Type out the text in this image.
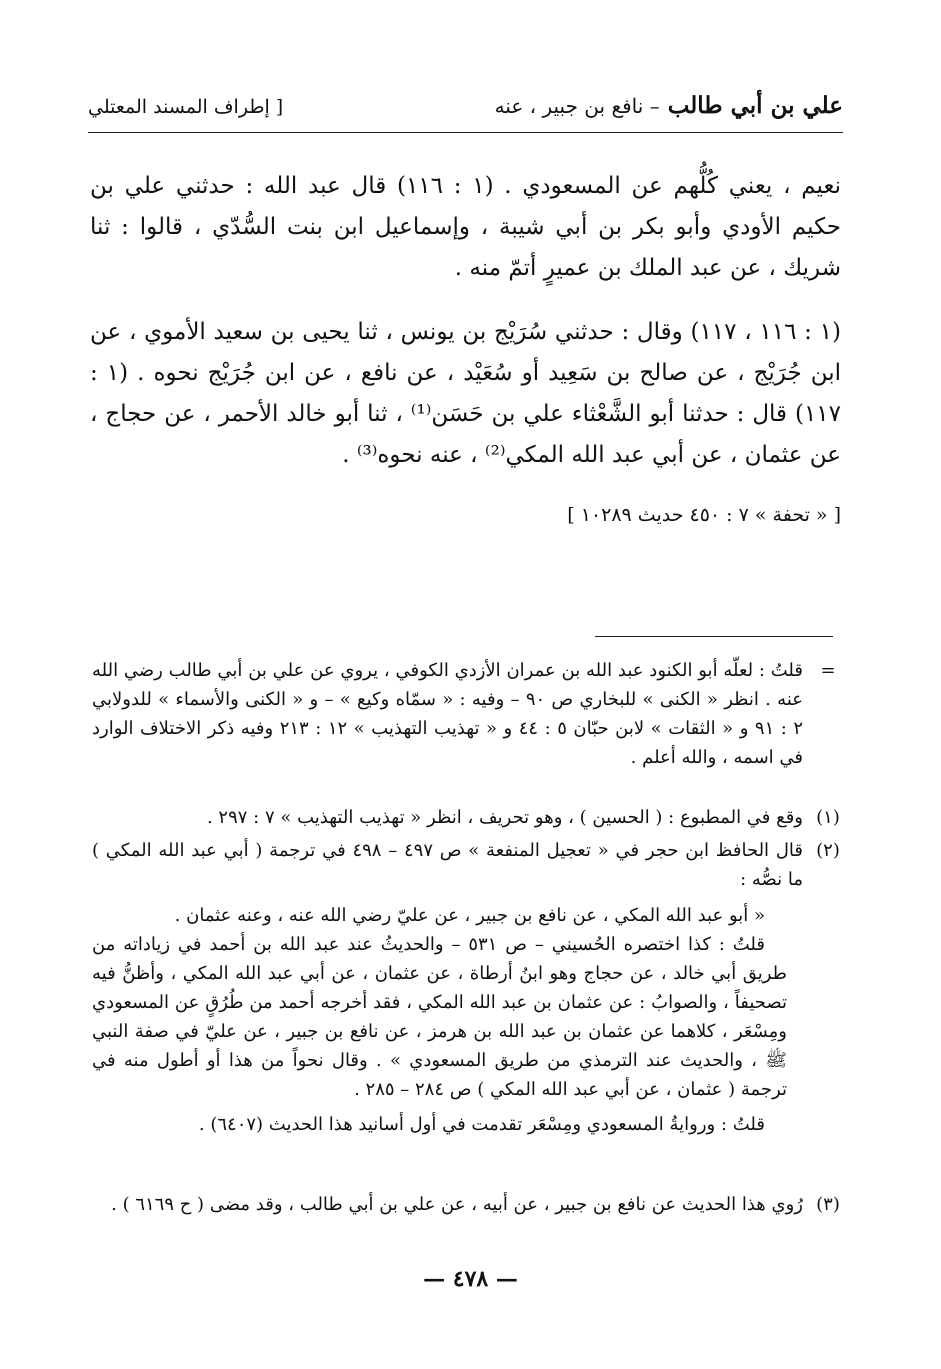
علي بن أبي طالب – نافع بن جبير ، عنه
[ إطراف المسند المعتلي
نعيم ، يعني كُلُّهم عن المسعودي . (١ : ١١٦) قال عبد الله : حدثني علي بن حكيم الأودي وأبو بكر بن أبي شيبة ، وإسماعيل ابن بنت السُّدّي ، قالوا : ثنا شريك ، عن عبد الملك بن عميرٍ أتمّ منه .
(١ : ١١٦ ، ١١٧) وقال : حدثني سُرَيْج بن يونس ، ثنا يحيى بن سعيد الأموي ، عن ابن جُرَيْج ، عن صالح بن سَعِيد أو سُعَيْد ، عن نافع ، عن ابن جُرَيْج نحوه . (١ : ١١٧) قال : حدثنا أبو الشَّعْثاء علي بن حَسَن⁽¹⁾ ، ثنا أبو خالد الأحمر ، عن حجاج ، عن عثمان ، عن أبي عبد الله المكي⁽²⁾ ، عنه نحوه⁽³⁾ .
[ « تحفة » ٧ : ٤٥٠ حديث ١٠٢٨٩ ]
=
قلتُ : لعلّه أبو الكنود عبد الله بن عمران الأزدي الكوفي ، يروي عن علي بن أبي طالب رضي الله عنه . انظر « الكنى » للبخاري ص ٩٠ – وفيه : « سمّاه وكيع » – و « الكنى والأسماء » للدولابي ٢ : ٩١ و « الثقات » لابن حبّان ٥ : ٤٤ و « تهذيب التهذيب » ١٢ : ٢١٣ وفيه ذكر الاختلاف الوارد في اسمه ، والله أعلم .
(١)
وقع في المطبوع : ( الحسين ) ، وهو تحريف ، انظر « تهذيب التهذيب » ٧ : ٢٩٧ .
(٢)
قال الحافظ ابن حجر في « تعجيل المنفعة » ص ٤٩٧ – ٤٩٨ في ترجمة ( أبي عبد الله المكي ) ما نصُّه :

« أبو عبد الله المكي ، عن نافع بن جبير ، عن عليّ رضي الله عنه ، وعنه عثمان .

قلتُ : كذا اختصره الحُسيني – ص ٥٣١ – والحديثُ عند عبد الله بن أحمد في زياداته من طريق أبي خالد ، عن حجاج وهو ابنُ أرطاة ، عن عثمان ، عن أبي عبد الله المكي ، وأظنُّ فيه تصحيفاً ، والصوابُ : عن عثمان بن عبد الله المكي ، فقد أخرجه أحمد من طُرُقٍ عن المسعودي ومِسْعَر ، كلاهما عن عثمان بن عبد الله بن هرمز ، عن نافع بن جبير ، عن عليّ في صفة النبي ﷺ ، والحديث عند الترمذي من طريق المسعودي » . وقال نحواً من هذا أو أطول منه في ترجمة ( عثمان ، عن أبي عبد الله المكي ) ص ٢٨٤ – ٢٨٥ .

قلتُ : وروايةُ المسعودي ومِسْعَر تقدمت في أول أسانيد هذا الحديث (٦٤٠٧) .

(٣)
رُوي هذا الحديث عن نافع بن جبير ، عن أبيه ، عن علي بن أبي طالب ، وقد مضى ( ح ٦١٦٩ ) .
— ٤٧٨ —
